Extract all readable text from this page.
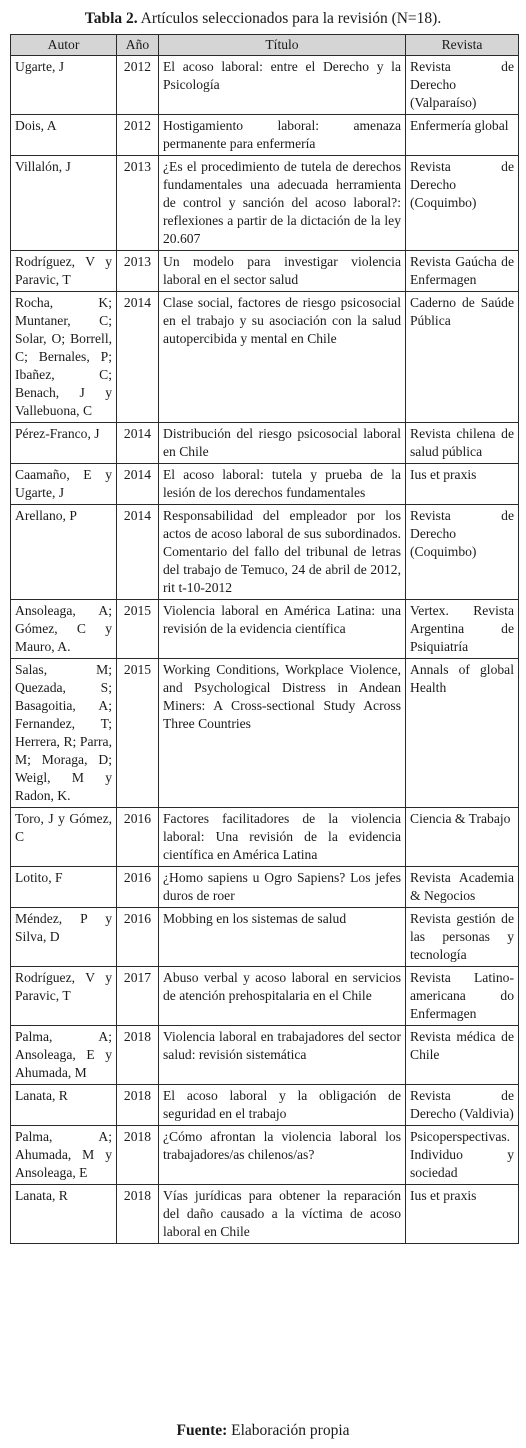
Tabla 2. Artículos seleccionados para la revisión (N=18).
Autor	Año	Título	Revista
Ugarte, J	2012	El acoso laboral: entre el Derecho y la Psicología	Revista de Derecho (Valparaíso)
Dois, A	2012	Hostigamiento laboral: amenaza permanente para enfermería	Enfermería global
Villalón, J	2013	¿Es el procedimiento de tutela de derechos fundamentales una adecuada herramienta de control y sanción del acoso laboral?: reflexiones a partir de la dictación de la ley 20.607	Revista de Derecho (Coquimbo)
Rodríguez, V y Paravic, T	2013	Un modelo para investigar violencia laboral en el sector salud	Revista Gaúcha de Enfermagen
Rocha, K; Muntaner, C; Solar, O; Borrell, C; Bernales, P; Ibañez, C; Benach, J y Vallebuona, C	2014	Clase social, factores de riesgo psicosocial en el trabajo y su asociación con la salud autopercibida y mental en Chile	Caderno de Saúde Pública
Pérez-Franco, J	2014	Distribución del riesgo psicosocial laboral en Chile	Revista chilena de salud pública
Caamaño, E y Ugarte, J	2014	El acoso laboral: tutela y prueba de la lesión de los derechos fundamentales	Ius et praxis
Arellano, P	2014	Responsabilidad del empleador por los actos de acoso laboral de sus subordinados. Comentario del fallo del tribunal de letras del trabajo de Temuco, 24 de abril de 2012, rit t-10-2012	Revista de Derecho (Coquimbo)
Ansoleaga, A; Gómez, C y Mauro, A.	2015	Violencia laboral en América Latina: una revisión de la evidencia científica	Vertex. Revista Argentina de Psiquiatría
Salas, M; Quezada, S; Basagoitia, A; Fernandez, T; Herrera, R; Parra, M; Moraga, D; Weigl, M y Radon, K.	2015	Working Conditions, Workplace Violence, and Psychological Distress in Andean Miners: A Cross-sectional Study Across Three Countries	Annals of global Health
Toro, J y Gómez, C	2016	Factores facilitadores de la violencia laboral: Una revisión de la evidencia científica en América Latina	Ciencia & Trabajo
Lotito, F	2016	¿Homo sapiens u Ogro Sapiens? Los jefes duros de roer	Revista Academia & Negocios
Méndez, P y Silva, D	2016	Mobbing en los sistemas de salud	Revista gestión de las personas y tecnología
Rodríguez, V y Paravic, T	2017	Abuso verbal y acoso laboral en servicios de atención prehospitalaria en el Chile	Revista Latino-americana do Enfermagen
Palma, A; Ansoleaga, E y Ahumada, M	2018	Violencia laboral en trabajadores del sector salud: revisión sistemática	Revista médica de Chile
Lanata, R	2018	El acoso laboral y la obligación de seguridad en el trabajo	Revista de Derecho (Valdivia)
Palma, A; Ahumada, M y Ansoleaga, E	2018	¿Cómo afrontan la violencia laboral los trabajadores/as chilenos/as?	Psicoperspectivas. Individuo y sociedad
Lanata, R	2018	Vías jurídicas para obtener la reparación del daño causado a la víctima de acoso laboral en Chile	Ius et praxis
Fuente: Elaboración propia
